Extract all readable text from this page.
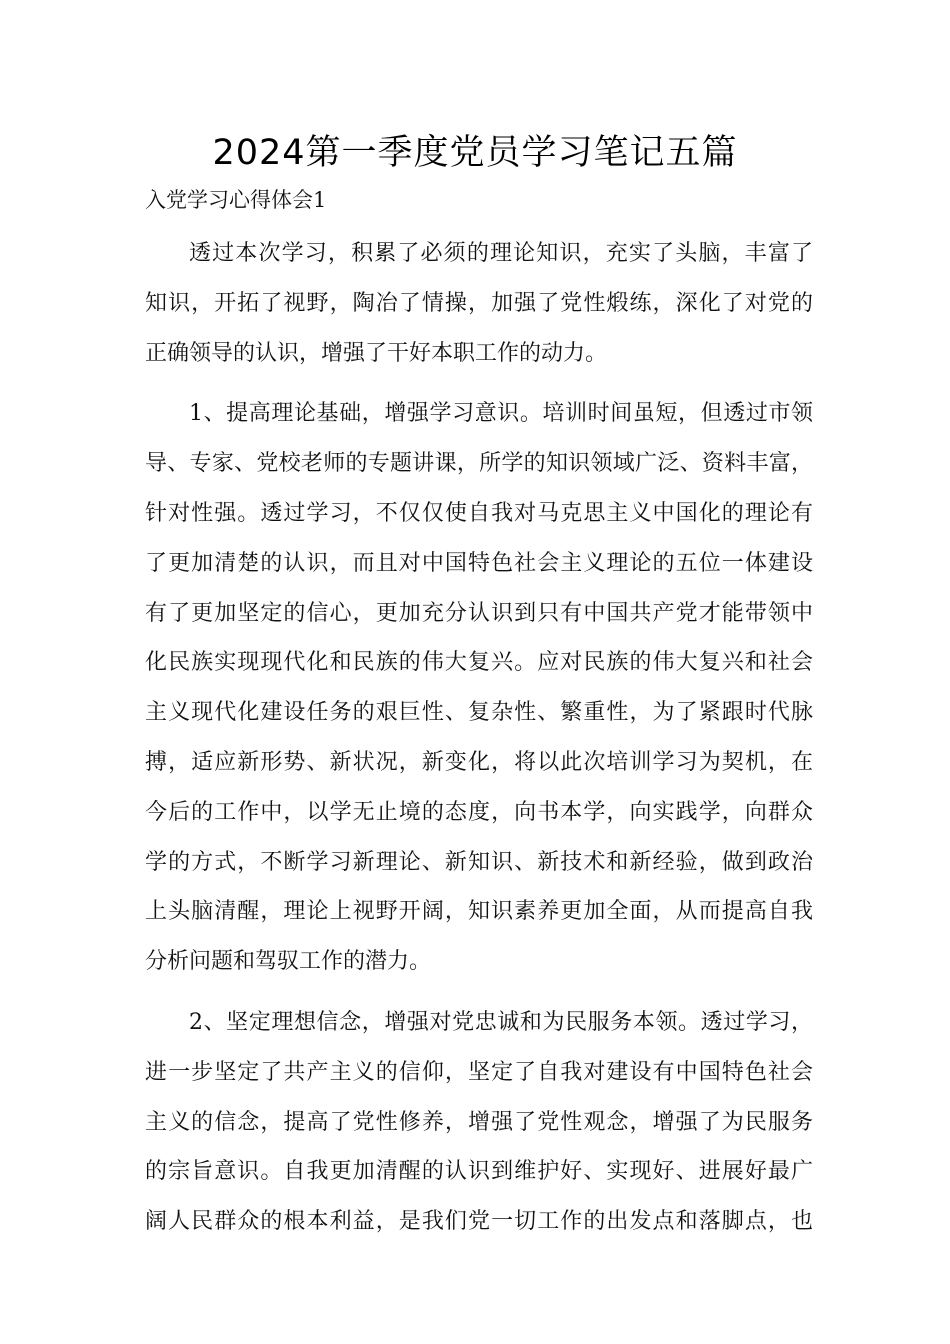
2024第一季度党员学习笔记五篇
入党学习心得体会1

透过本次学习，积累了必须的理论知识，充实了头脑，丰富了
知识，开拓了视野，陶冶了情操，加强了党性煅练，深化了对党的
正确领导的认识，增强了干好本职工作的动力。

1、提高理论基础，增强学习意识。培训时间虽短，但透过市领
导、专家、党校老师的专题讲课，所学的知识领域广泛、资料丰富，
针对性强。透过学习，不仅仅使自我对马克思主义中国化的理论有
了更加清楚的认识，而且对中国特色社会主义理论的五位一体建设
有了更加坚定的信心，更加充分认识到只有中国共产党才能带领中
化民族实现现代化和民族的伟大复兴。应对民族的伟大复兴和社会
主义现代化建设任务的艰巨性、复杂性、繁重性，为了紧跟时代脉
搏，适应新形势、新状况，新变化，将以此次培训学习为契机，在
今后的工作中，以学无止境的态度，向书本学，向实践学，向群众
学的方式，不断学习新理论、新知识、新技术和新经验，做到政治
上头脑清醒，理论上视野开阔，知识素养更加全面，从而提高自我
分析问题和驾驭工作的潜力。

2、坚定理想信念，增强对党忠诚和为民服务本领。透过学习，
进一步坚定了共产主义的信仰，坚定了自我对建设有中国特色社会
主义的信念，提高了党性修养，增强了党性观念，增强了为民服务
的宗旨意识。自我更加清醒的认识到维护好、实现好、进展好最广
阔人民群众的根本利益，是我们党一切工作的出发点和落脚点，也
